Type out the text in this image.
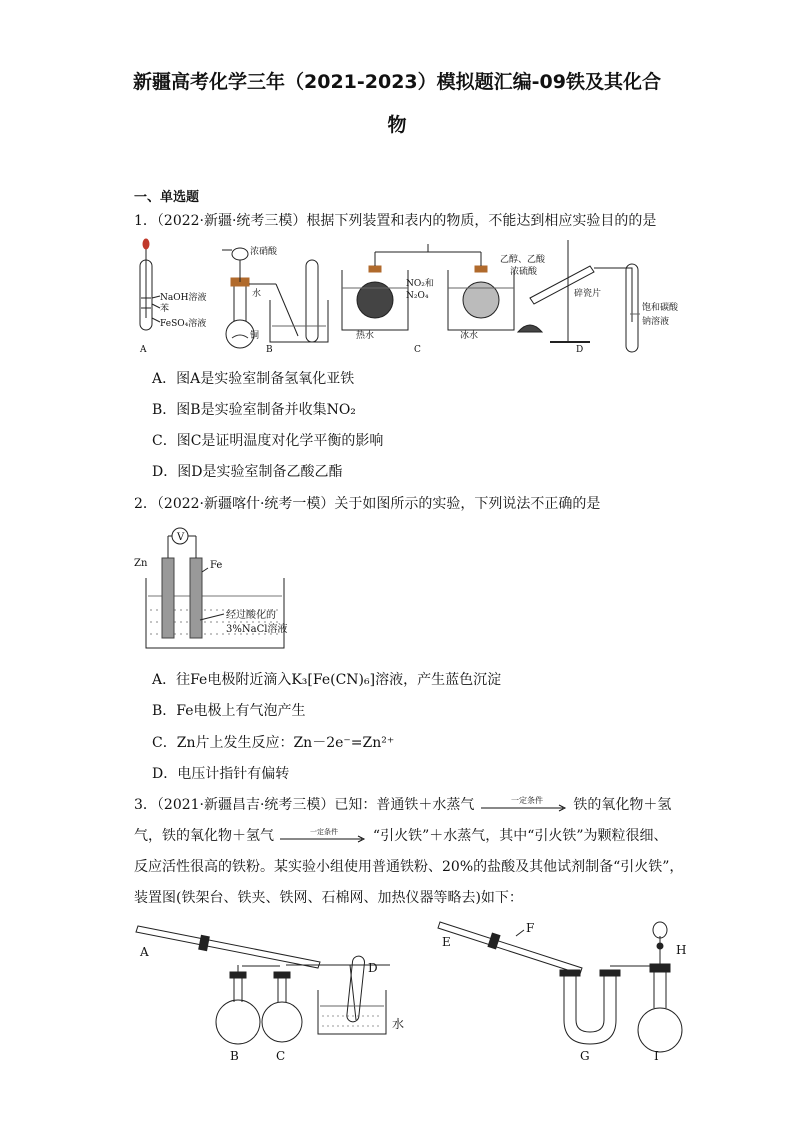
新疆高考化学三年（2021-2023）模拟题汇编-09铁及其化合
物
一、单选题
1．（2022·新疆·统考三模）根据下列装置和表内的物质，不能达到相应实验目的的是
NaOH溶液
苯
FeSO₄溶液
A
浓硝酸
水
铜
B
NO₂和
N₂O₄
热水	冰水
C
乙醇、乙酸
浓硫酸
碎瓷片
饱和碳酸
钠溶液
D
A．图A是实验室制备氢氧化亚铁
B．图B是实验室制备并收集NO₂
C．图C是证明温度对化学平衡的影响
D．图D是实验室制备乙酸乙酯
2．（2022·新疆喀什·统考一模）关于如图所示的实验，下列说法不正确的是
V
Zn	Fe
经过酸化的
3%NaCl溶液
A．往Fe电极附近滴入K₃[Fe(CN)₆]溶液，产生蓝色沉淀
B．Fe电极上有气泡产生
C．Zn片上发生反应：Zn－2e⁻=Zn²⁺
D．电压计指针有偏转
3．（2021·新疆昌吉·统考三模）已知：普通铁＋水蒸气	一定条件 铁的氧化物＋氢
气，铁的氧化物＋氢气	一定条件 “引火铁”＋水蒸气，其中“引火铁”为颗粒很细、
反应活性很高的铁粉。某实验小组使用普通铁粉、20%的盐酸及其他试剂制备“引火铁”，
装置图(铁架台、铁夹、铁网、石棉网、加热仪器等略去)如下：
A
B	C
D
水
E
F
G
H
I
